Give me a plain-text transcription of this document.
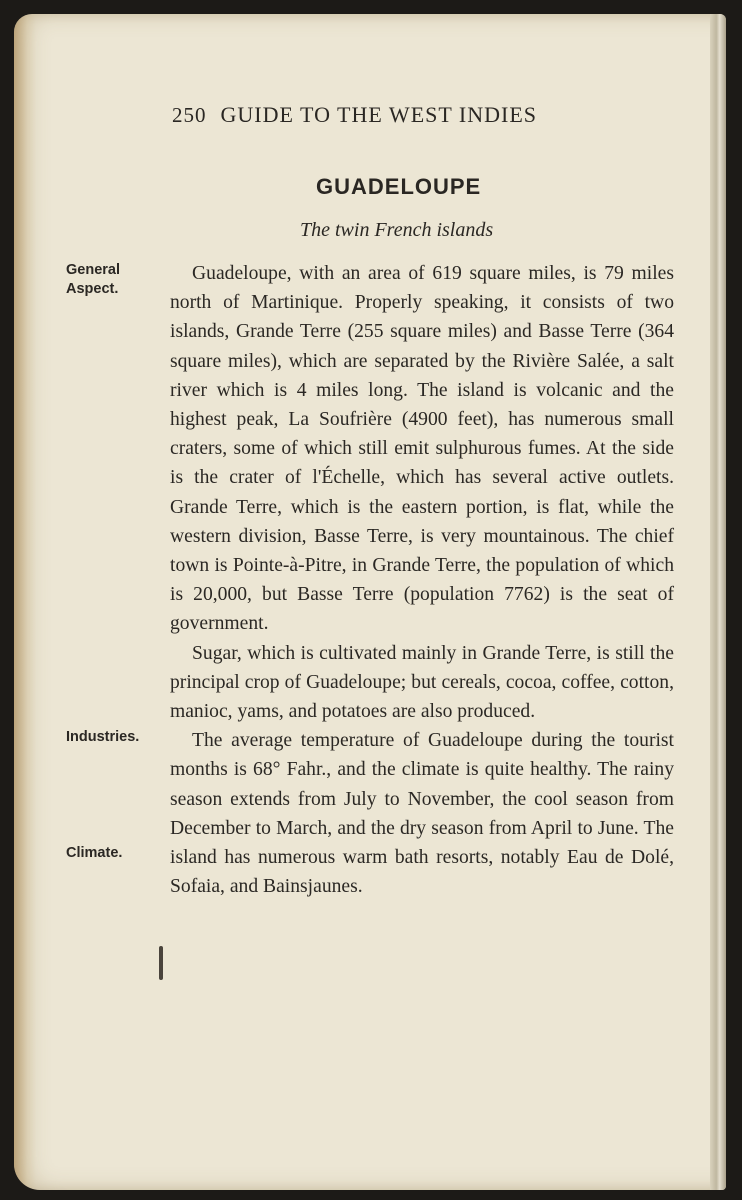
250 GUIDE TO THE WEST INDIES
GUADELOUPE
The twin French islands
General
Aspect.
Industries.
Climate.

Guadeloupe, with an area of 619 square miles, is 79 miles north of Martinique. Properly speaking, it consists of two islands, Grande Terre (255 square miles) and Basse Terre (364 square miles), which are separated by the Rivière Salée, a salt river which is 4 miles long. The island is volcanic and the highest peak, La Soufrière (4900 feet), has numerous small craters, some of which still emit sulphurous fumes. At the side is the crater of l'Échelle, which has several active outlets. Grande Terre, which is the eastern portion, is flat, while the western division, Basse Terre, is very mountainous. The chief town is Pointe-à-Pitre, in Grande Terre, the population of which is 20,000, but Basse Terre (population 7762) is the seat of government.

Sugar, which is cultivated mainly in Grande Terre, is still the principal crop of Guadeloupe; but cereals, cocoa, coffee, cotton, manioc, yams, and potatoes are also produced.

The average temperature of Guadeloupe during the tourist months is 68° Fahr., and the climate is quite healthy. The rainy season extends from July to November, the cool season from December to March, and the dry season from April to June. The island has numerous warm bath resorts, notably Eau de Dolé, Sofaia, and Bainsjaunes.
